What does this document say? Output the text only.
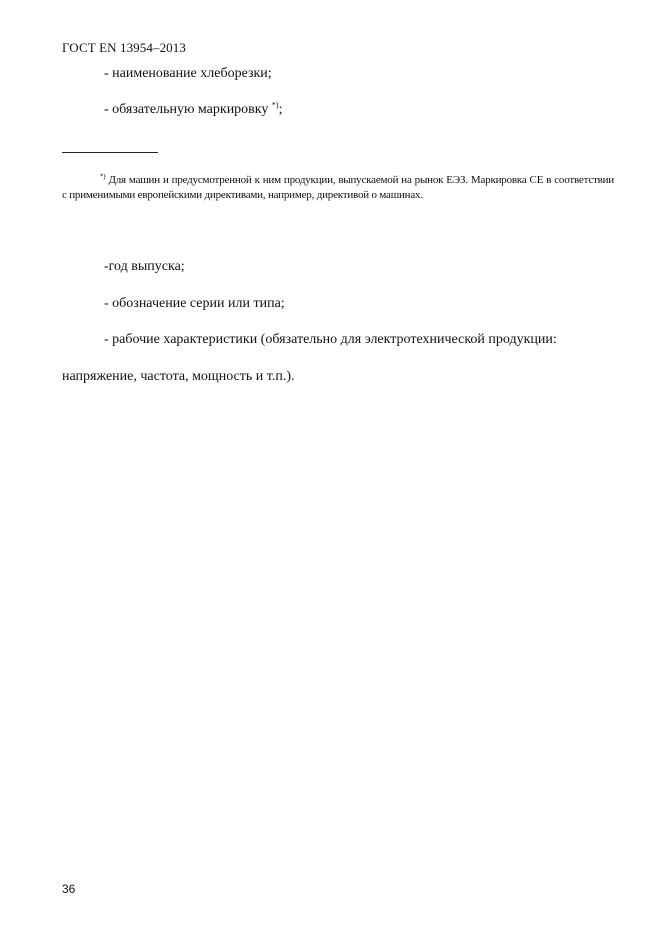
ГОСТ EN 13954–2013
- наименование хлеборезки;
- обязательную маркировку *);
*) Для машин и предусмотренной к ним продукции, выпускаемой на рынок ЕЭЗ. Маркировка CE в соответствии с применимыми европейскими директивами, например, директивой о машинах.
-год выпуска;
- обозначение серии или типа;
- рабочие характеристики (обязательно для электротехнической продукции:
напряжение, частота, мощность и т.п.).
36
